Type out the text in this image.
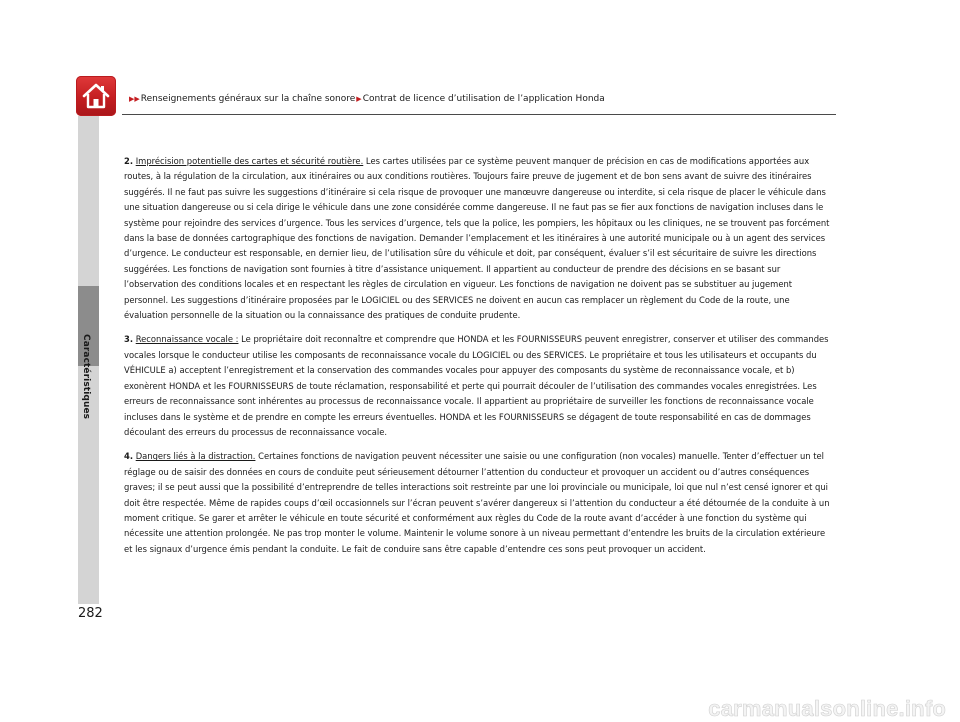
▶▶ Renseignements généraux sur la chaîne sonore ▶ Contrat de licence d’utilisation de l’application Honda
Caractéristiques
282

2. Imprécision potentielle des cartes et sécurité routière. Les cartes utilisées par ce système peuvent manquer de précision en cas de modifications apportées aux routes, à la régulation de la circulation, aux itinéraires ou aux conditions routières. Toujours faire preuve de jugement et de bon sens avant de suivre des itinéraires suggérés. Il ne faut pas suivre les suggestions d’itinéraire si cela risque de provoquer une manœuvre dangereuse ou interdite, si cela risque de placer le véhicule dans une situation dangereuse ou si cela dirige le véhicule dans une zone considérée comme dangereuse. Il ne faut pas se fier aux fonctions de navigation incluses dans le système pour rejoindre des services d’urgence. Tous les services d’urgence, tels que la police, les pompiers, les hôpitaux ou les cliniques, ne se trouvent pas forcément dans la base de données cartographique des fonctions de navigation. Demander l’emplacement et les itinéraires à une autorité municipale ou à un agent des services d’urgence. Le conducteur est responsable, en dernier lieu, de l’utilisation sûre du véhicule et doit, par conséquent, évaluer s’il est sécuritaire de suivre les directions suggérées. Les fonctions de navigation sont fournies à titre d’assistance uniquement. Il appartient au conducteur de prendre des décisions en se basant sur l’observation des conditions locales et en respectant les règles de circulation en vigueur. Les fonctions de navigation ne doivent pas se substituer au jugement personnel. Les suggestions d’itinéraire proposées par le LOGICIEL ou des SERVICES ne doivent en aucun cas remplacer un règlement du Code de la route, une évaluation personnelle de la situation ou la connaissance des pratiques de conduite prudente.

3. Reconnaissance vocale : Le propriétaire doit reconnaître et comprendre que HONDA et les FOURNISSEURS peuvent enregistrer, conserver et utiliser des commandes vocales lorsque le conducteur utilise les composants de reconnaissance vocale du LOGICIEL ou des SERVICES. Le propriétaire et tous les utilisateurs et occupants du VÉHICULE a) acceptent l’enregistrement et la conservation des commandes vocales pour appuyer des composants du système de reconnaissance vocale, et b) exonèrent HONDA et les FOURNISSEURS de toute réclamation, responsabilité et perte qui pourrait découler de l’utilisation des commandes vocales enregistrées. Les erreurs de reconnaissance sont inhérentes au processus de reconnaissance vocale. Il appartient au propriétaire de surveiller les fonctions de reconnaissance vocale incluses dans le système et de prendre en compte les erreurs éventuelles. HONDA et les FOURNISSEURS se dégagent de toute responsabilité en cas de dommages découlant des erreurs du processus de reconnaissance vocale.

4. Dangers liés à la distraction. Certaines fonctions de navigation peuvent nécessiter une saisie ou une configuration (non vocales) manuelle. Tenter d’effectuer un tel réglage ou de saisir des données en cours de conduite peut sérieusement détourner l’attention du conducteur et provoquer un accident ou d’autres conséquences graves; il se peut aussi que la possibilité d’entreprendre de telles interactions soit restreinte par une loi provinciale ou municipale, loi que nul n’est censé ignorer et qui doit être respectée. Même de rapides coups d’œil occasionnels sur l’écran peuvent s’avérer dangereux si l’attention du conducteur a été détournée de la conduite à un moment critique. Se garer et arrêter le véhicule en toute sécurité et conformément aux règles du Code de la route avant d’accéder à une fonction du système qui nécessite une attention prolongée. Ne pas trop monter le volume. Maintenir le volume sonore à un niveau permettant d’entendre les bruits de la circulation extérieure et les signaux d’urgence émis pendant la conduite. Le fait de conduire sans être capable d’entendre ces sons peut provoquer un accident.

carmanualsonline.info
